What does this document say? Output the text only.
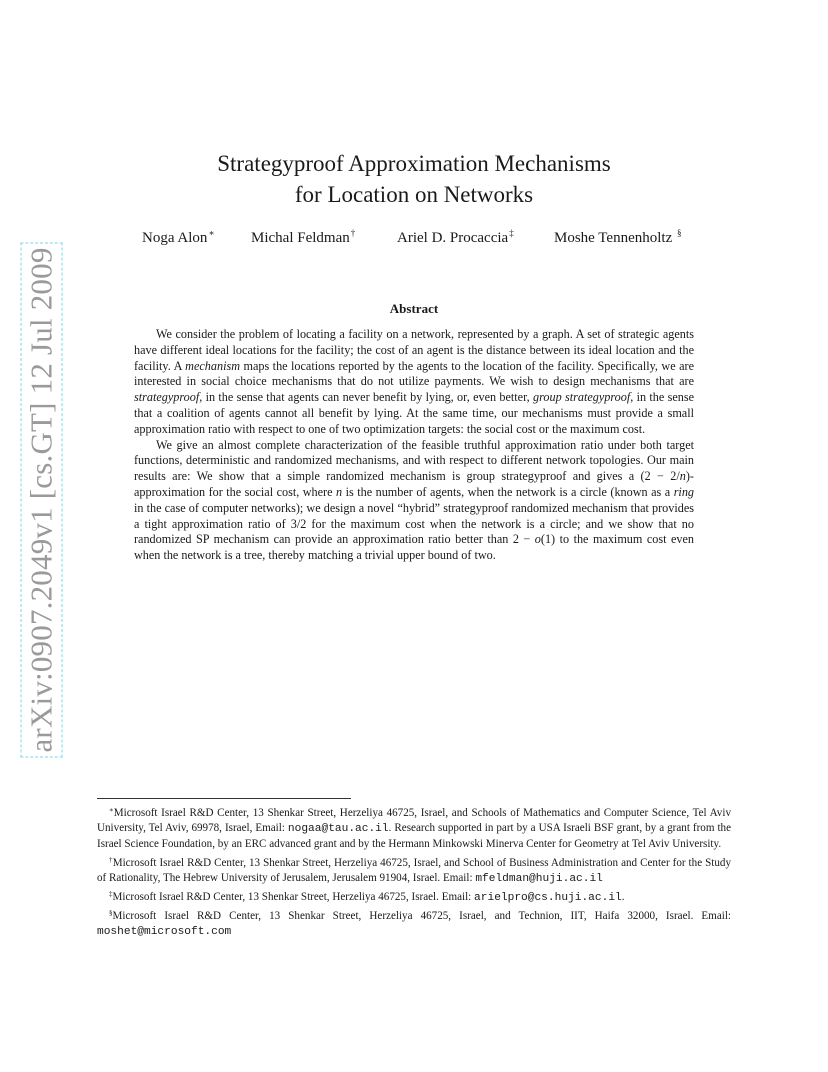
arXiv:0907.2049v1 [cs.GT] 12 Jul 2009
Strategyproof Approximation Mechanisms
for Location on Networks
Noga Alon∗ Michal Feldman†	Ariel D. Procaccia‡	Moshe Tennenholtz §
Abstract

We consider the problem of locating a facility on a network, represented by a graph. A set of strategic agents have different ideal locations for the facility; the cost of an agent is the distance between its ideal location and the facility. A mechanism maps the locations reported by the agents to the location of the facility. Specifically, we are interested in social choice mechanisms that do not utilize payments. We wish to design mechanisms that are strategyproof, in the sense that agents can never benefit by lying, or, even better, group strategyproof, in the sense that a coalition of agents cannot all benefit by lying. At the same time, our mechanisms must provide a small approximation ratio with respect to one of two optimization targets: the social cost or the maximum cost.

We give an almost complete characterization of the feasible truthful approximation ratio under both target functions, deterministic and randomized mechanisms, and with respect to different network topologies. Our main results are: We show that a simple randomized mechanism is group strategyproof and gives a (2 − 2/n)-approximation for the social cost, where n is the number of agents, when the network is a circle (known as a ring in the case of computer networks); we design a novel “hybrid” strategyproof randomized mechanism that provides a tight approximation ratio of 3/2 for the maximum cost when the network is a circle; and we show that no randomized SP mechanism can provide an approximation ratio better than 2 − o(1) to the maximum cost even when the network is a tree, thereby matching a trivial upper bound of two.

∗Microsoft Israel R&D Center, 13 Shenkar Street, Herzeliya 46725, Israel, and Schools of Mathematics and Computer Science, Tel Aviv University, Tel Aviv, 69978, Israel, Email: nogaa@tau.ac.il. Research supported in part by a USA Israeli BSF grant, by a grant from the Israel Science Foundation, by an ERC advanced grant and by the Hermann Minkowski Minerva Center for Geometry at Tel Aviv University.

†Microsoft Israel R&D Center, 13 Shenkar Street, Herzeliya 46725, Israel, and School of Business Administration and Center for the Study of Rationality, The Hebrew University of Jerusalem, Jerusalem 91904, Israel. Email: mfeldman@huji.ac.il

‡Microsoft Israel R&D Center, 13 Shenkar Street, Herzeliya 46725, Israel. Email: arielpro@cs.huji.ac.il.

§Microsoft Israel R&D Center, 13 Shenkar Street, Herzeliya 46725, Israel, and Technion, IIT, Haifa 32000, Israel. Email: moshet@microsoft.com
